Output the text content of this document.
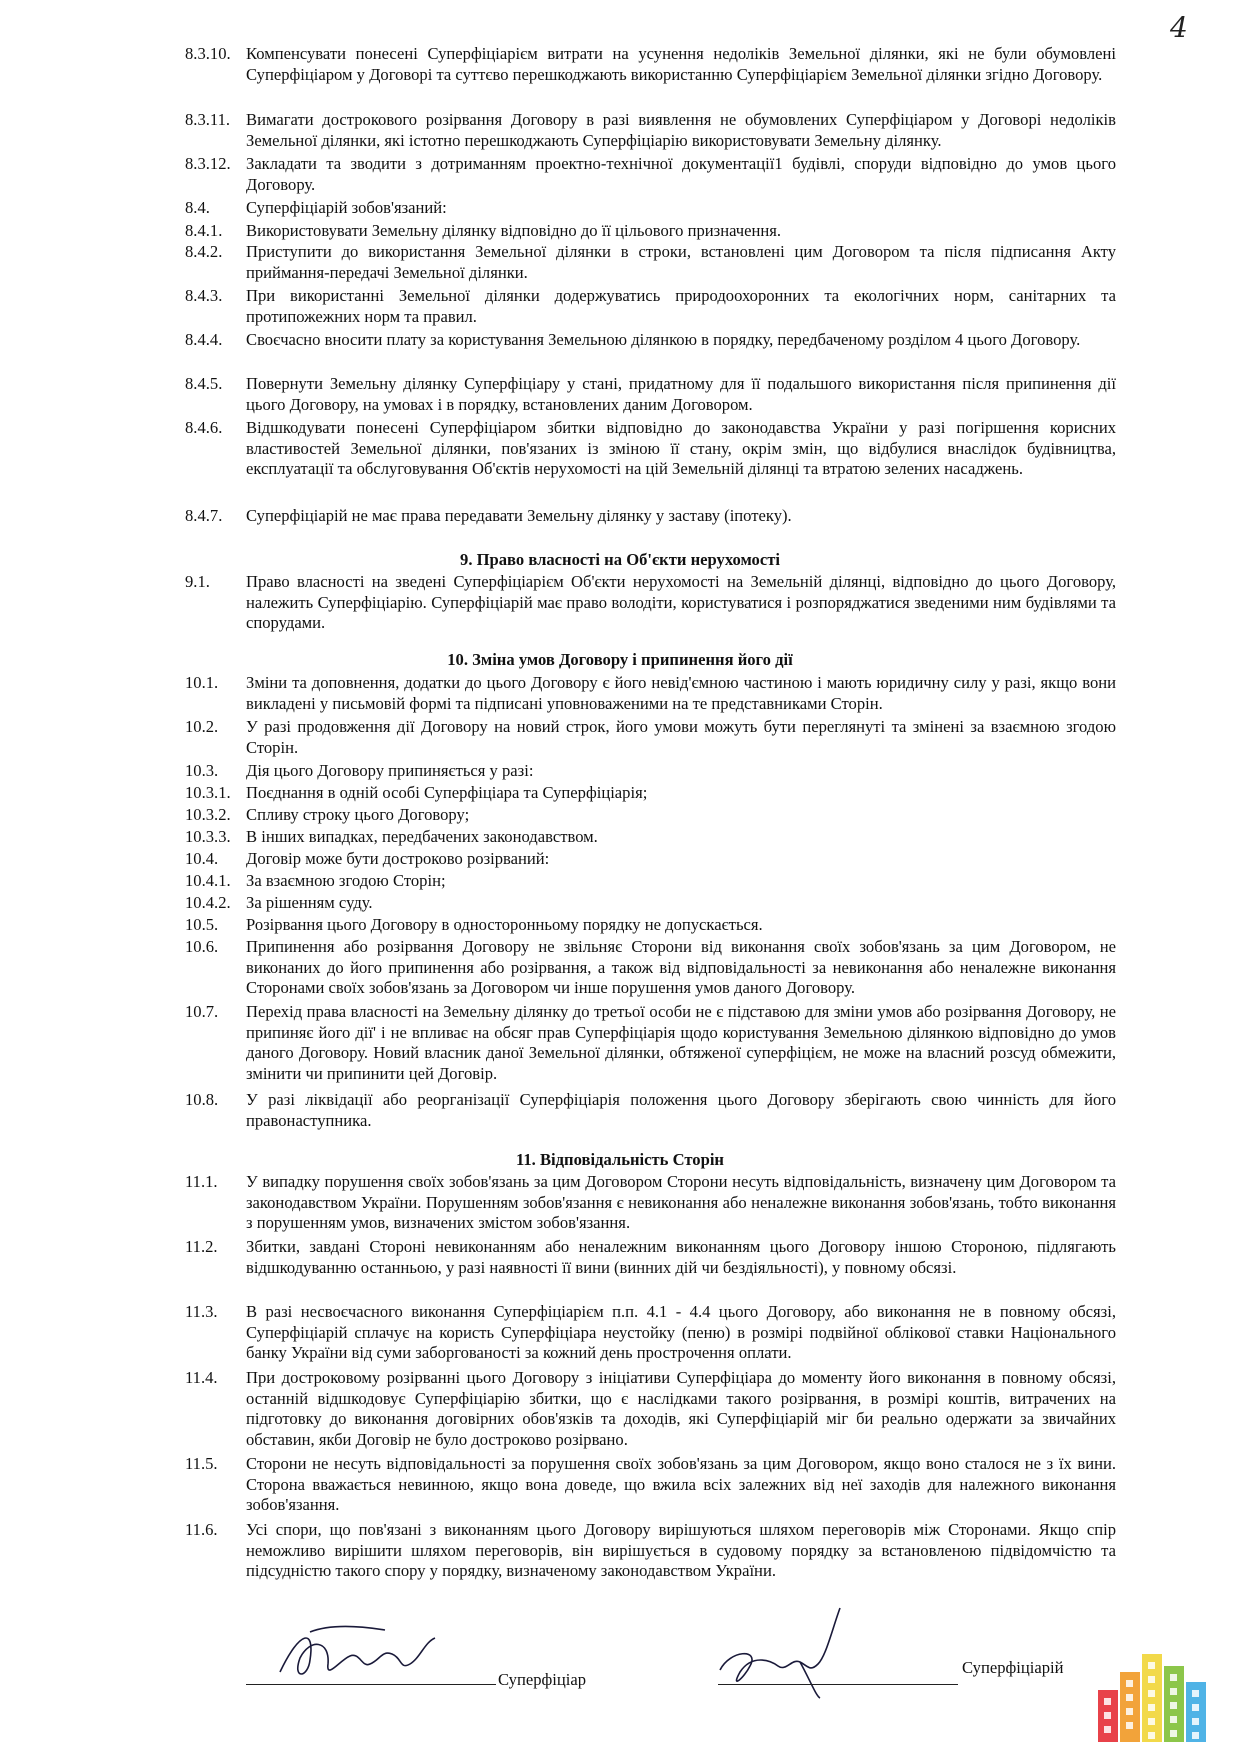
4
8.3.10. Компенсувати понесені Суперфіціарієм витрати на усунення недоліків Земельної ділянки, які не були обумовлені Суперфіціаром у Договорі та суттєво перешкоджають використанню Суперфіціарієм Земельної ділянки згідно Договору.
8.3.11. Вимагати дострокового розірвання Договору в разі виявлення не обумовлених Суперфіціаром у Договорі недоліків Земельної ділянки, які істотно перешкоджають Суперфіціарію використовувати Земельну ділянку.
8.3.12. Закладати та зводити з дотриманням проектно-технічної документації1 будівлі, споруди відповідно до умов цього Договору.
8.4. Суперфіціарій зобов'язаний:
8.4.1. Використовувати Земельну ділянку відповідно до її цільового призначення.
8.4.2. Приступити до використання Земельної ділянки в строки, встановлені цим Договором та після підписання Акту приймання-передачі Земельної ділянки.
8.4.3. При використанні Земельної ділянки додержуватись природоохоронних та екологічних норм, санітарних та протипожежних норм та правил.
8.4.4. Своєчасно вносити плату за користування Земельною ділянкою в порядку, передбаченому розділом 4 цього Договору.
8.4.5. Повернути Земельну ділянку Суперфіціару у стані, придатному для її подальшого використання після припинення дії цього Договору, на умовах і в порядку, встановлених даним Договором.
8.4.6. Відшкодувати понесені Суперфіціаром збитки відповідно до законодавства України у разі погіршення корисних властивостей Земельної ділянки, пов'язаних із зміною її стану, окрім змін, що відбулися внаслідок будівництва, експлуатації та обслуговування Об'єктів нерухомості на цій Земельній ділянці та втратою зелених насаджень.
8.4.7. Суперфіціарій не має права передавати Земельну ділянку у заставу (іпотеку).
9. Право власності на Об'єкти нерухомості
9.1. Право власності на зведені Суперфіціарієм Об'єкти нерухомості на Земельній ділянці, відповідно до цього Договору, належить Суперфіціарію. Суперфіціарій має право володіти, користуватися і розпоряджатися зведеними ним будівлями та спорудами.
10. Зміна умов Договору і припинення його дії
10.1. Зміни та доповнення, додатки до цього Договору є його невід'ємною частиною і мають юридичну силу у разі, якщо вони викладені у письмовій формі та підписані уповноваженими на те представниками Сторін.
10.2. У разі продовження дії Договору на новий строк, його умови можуть бути переглянуті та змінені за взаємною згодою Сторін.
10.3. Дія цього Договору припиняється у разі:
10.3.1. Поєднання в одній особі Суперфіціара та Суперфіціарія;
10.3.2. Спливу строку цього Договору;
10.3.3. В інших випадках, передбачених законодавством.
10.4. Договір може бути достроково розірваний:
10.4.1. За взаємною згодою Сторін;
10.4.2. За рішенням суду.
10.5. Розірвання цього Договору в односторонньому порядку не допускається.
10.6. Припинення або розірвання Договору не звільняє Сторони від виконання своїх зобов'язань за цим Договором, не виконаних до його припинення або розірвання, а також від відповідальності за невиконання або неналежне виконання Сторонами своїх зобов'язань за Договором чи інше порушення умов даного Договору.
10.7. Перехід права власності на Земельну ділянку до третьої особи не є підставою для зміни умов або розірвання Договору, не припиняє його дії' і не впливає на обсяг прав Суперфіціарія щодо користування Земельною ділянкою відповідно до умов даного Договору. Новий власник даної Земельної ділянки, обтяженої суперфіцієм, не може на власний розсуд обмежити, змінити чи припинити цей Договір.
10.8. У разі ліквідації або реорганізації Суперфіціарія положення цього Договору зберігають свою чинність для його правонаступника.
11. Відповідальність Сторін
11.1. У випадку порушення своїх зобов'язань за цим Договором Сторони несуть відповідальність, визначену цим Договором та законодавством України. Порушенням зобов'язання є невиконання або неналежне виконання зобов'язань, тобто виконання з порушенням умов, визначених змістом зобов'язання.
11.2. Збитки, завдані Стороні невиконанням або неналежним виконанням цього Договору іншою Стороною, підлягають відшкодуванню останньою, у разі наявності її вини (винних дій чи бездіяльності), у повному обсязі.
11.3. В разі несвоєчасного виконання Суперфіціарієм п.п. 4.1 - 4.4 цього Договору, або виконання не в повному обсязі, Суперфіціарій сплачує на користь Суперфіціара неустойку (пеню) в розмірі подвійної облікової ставки Національного банку України від суми заборгованості за кожний день прострочення оплати.
11.4. При достроковому розірванні цього Договору з ініціативи Суперфіціара до моменту його виконання в повному обсязі, останній відшкодовує Суперфіціарію збитки, що є наслідками такого розірвання, в розмірі коштів, витрачених на підготовку до виконання договірних обов'язків та доходів, які Суперфіціарій міг би реально одержати за звичайних обставин, якби Договір не було достроково розірвано.
11.5. Сторони не несуть відповідальності за порушення своїх зобов'язань за цим Договором, якщо воно сталося не з їх вини. Сторона вважається невинною, якщо вона доведе, що вжила всіх залежних від неї заходів для належного виконання зобов'язання.
11.6. Усі спори, що пов'язані з виконанням цього Договору вирішуються шляхом переговорів між Сторонами. Якщо спір неможливо вирішити шляхом переговорів, він вирішується в судовому порядку за встановленою підвідомчістю та підсудністю такого спору у порядку, визначеному законодавством України.
Суперфіціар
Суперфіціарій
